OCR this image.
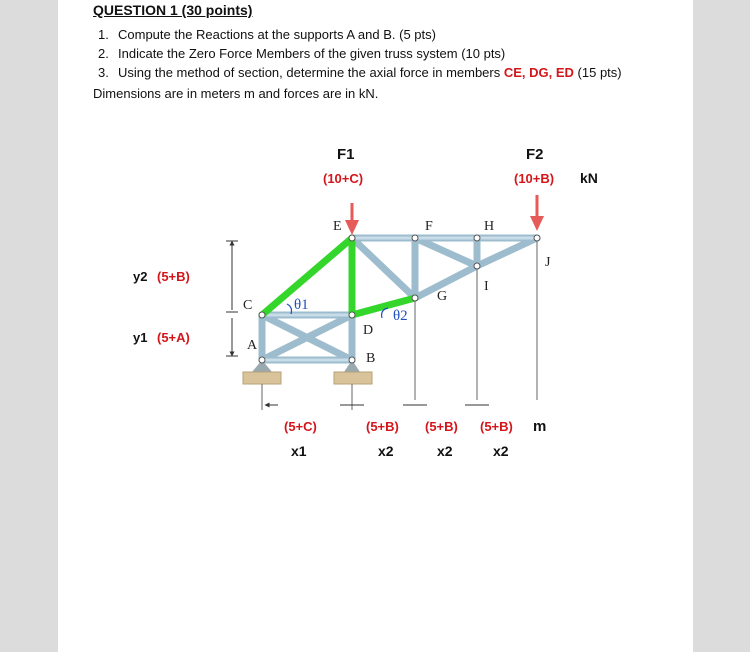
QUESTION 1 (30 points)
1. Compute the Reactions at the supports A and B. (5 pts)
2. Indicate the Zero Force Members of the given truss system (10 pts)
3. Using the method of section, determine the axial force in members CE, DG, ED (15 pts)

Dimensions are in meters m and forces are in kN.

A
B
C
D
E	F
G
H
I
J
θ1
θ2
F1
(10+C)
F2
(10+B) kN
y2 (5+B)
y1 (5+A)
(5+C)	(5+B) (5+B) (5+B) m
x1	x2	x2	x2
